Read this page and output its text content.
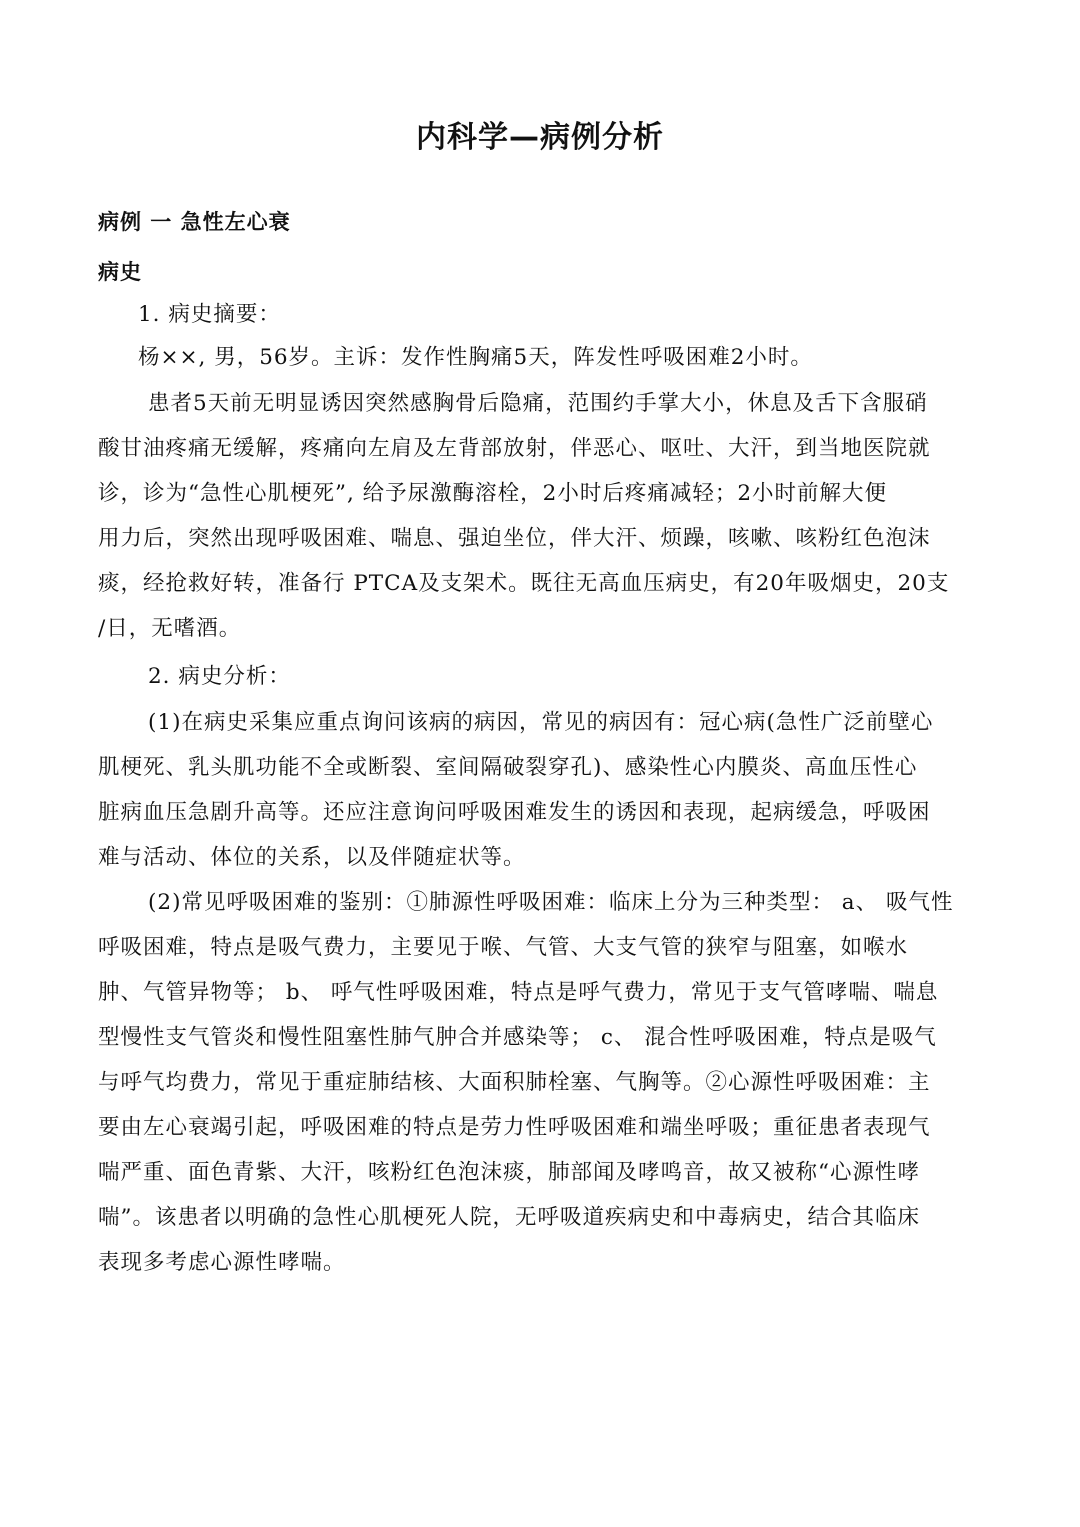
内科学—病例分析
病例 一 急性左心衰
病史
1. 病史摘要：
杨××, 男，56岁。主诉：发作性胸痛5天，阵发性呼吸困难2小时。
患者5天前无明显诱因突然感胸骨后隐痛，范围约手掌大小，休息及舌下含服硝
酸甘油疼痛无缓解，疼痛向左肩及左背部放射，伴恶心、呕吐、大汗，到当地医院就
诊，诊为“急性心肌梗死”, 给予尿激酶溶栓，2小时后疼痛减轻；2小时前解大便
用力后，突然出现呼吸困难、喘息、强迫坐位，伴大汗、烦躁，咳嗽、咳粉红色泡沫
痰，经抢救好转，准备行 PTCA及支架术。既往无高血压病史，有20年吸烟史，20支
/日，无嗜酒。
2. 病史分析：
(1)在病史采集应重点询问该病的病因，常见的病因有：冠心病(急性广泛前壁心
肌梗死、乳头肌功能不全或断裂、室间隔破裂穿孔)、感染性心内膜炎、高血压性心
脏病血压急剧升高等。还应注意询问呼吸困难发生的诱因和表现，起病缓急，呼吸困
难与活动、体位的关系，以及伴随症状等。
(2)常见呼吸困难的鉴别：①肺源性呼吸困难：临床上分为三种类型： a、 吸气性
呼吸困难，特点是吸气费力，主要见于喉、气管、大支气管的狭窄与阻塞，如喉水
肿、气管异物等； b、 呼气性呼吸困难，特点是呼气费力，常见于支气管哮喘、喘息
型慢性支气管炎和慢性阻塞性肺气肿合并感染等； c、 混合性呼吸困难，特点是吸气
与呼气均费力，常见于重症肺结核、大面积肺栓塞、气胸等。②心源性呼吸困难：主
要由左心衰竭引起，呼吸困难的特点是劳力性呼吸困难和端坐呼吸；重征患者表现气
喘严重、面色青紫、大汗，咳粉红色泡沫痰，肺部闻及哮鸣音，故又被称“心源性哮
喘”。该患者以明确的急性心肌梗死人院，无呼吸道疾病史和中毒病史，结合其临床
表现多考虑心源性哮喘。
